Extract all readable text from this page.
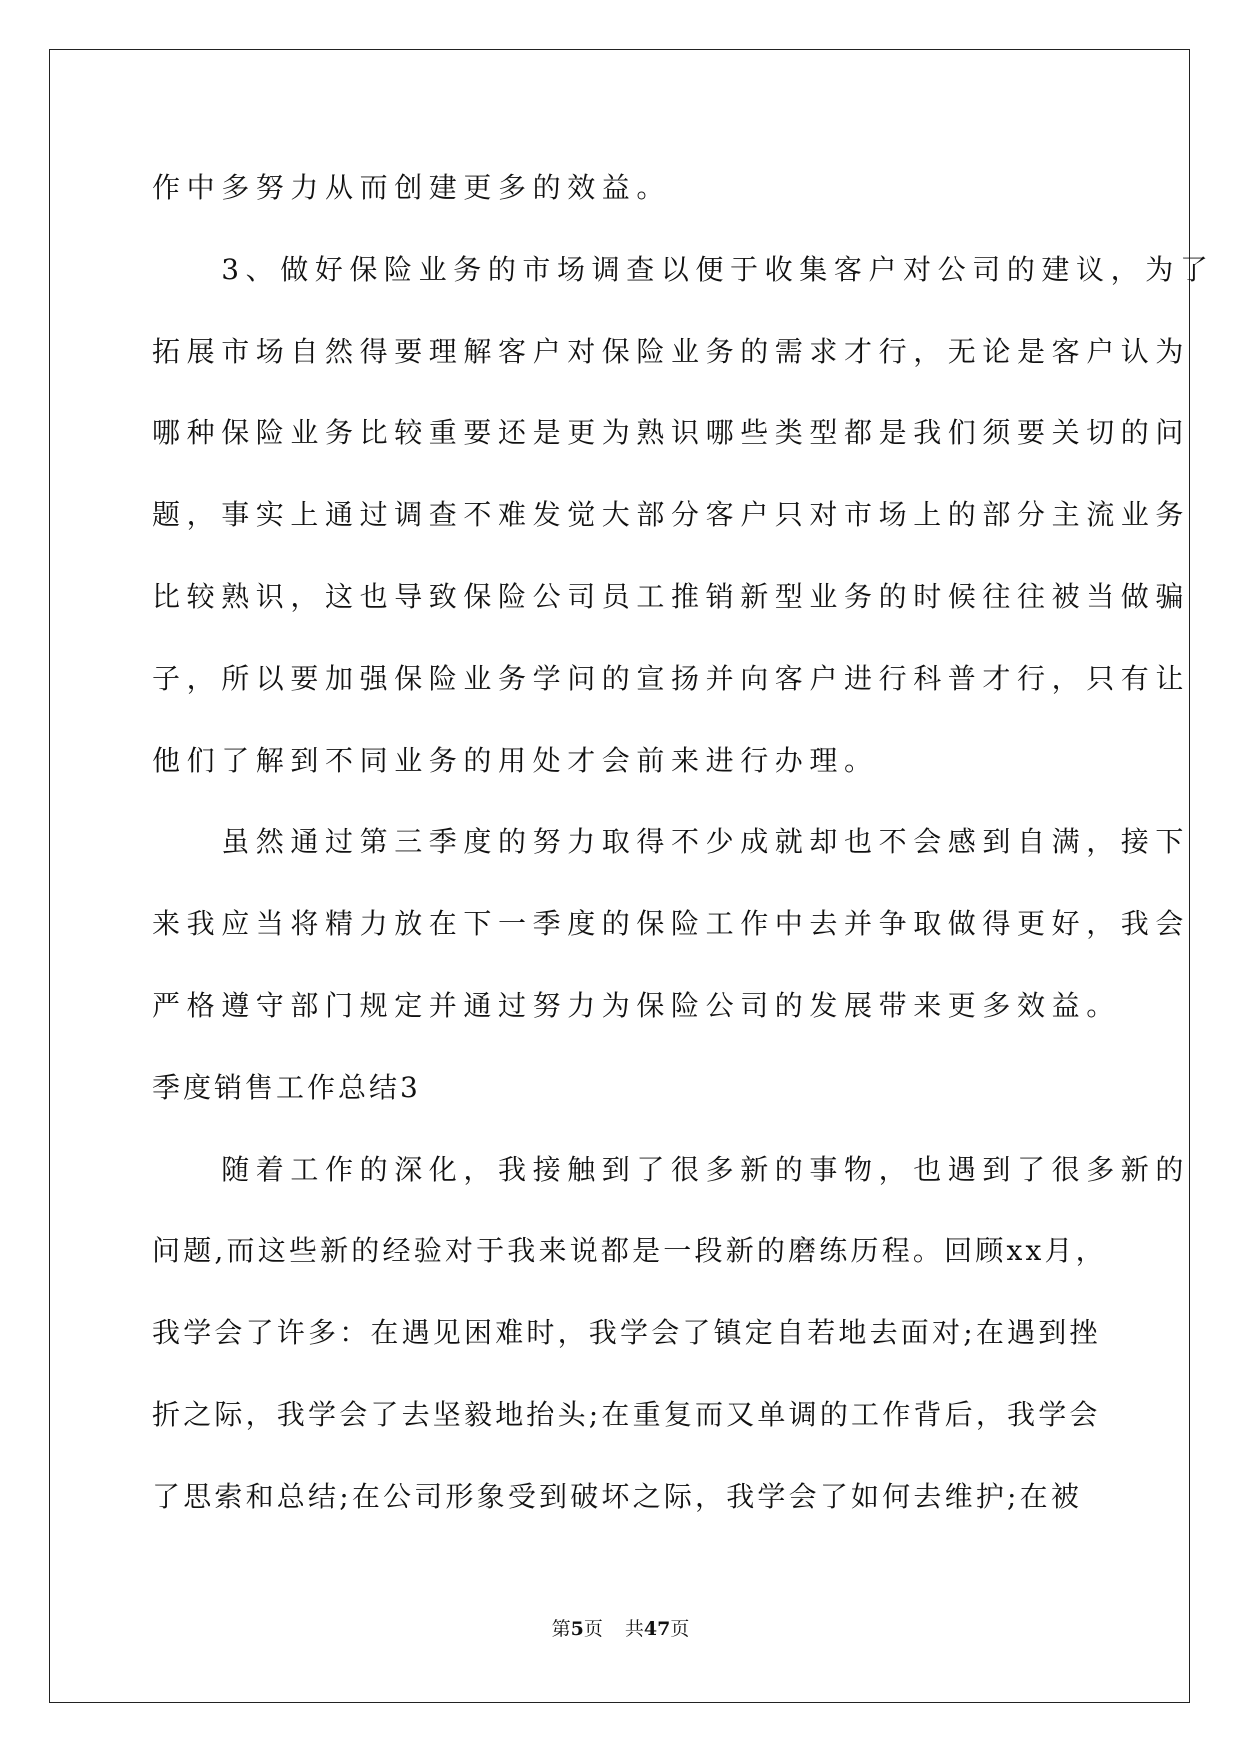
作中多努力从而创建更多的效益。
　　3、做好保险业务的市场调查以便于收集客户对公司的建议，为了
拓展市场自然得要理解客户对保险业务的需求才行，无论是客户认为
哪种保险业务比较重要还是更为熟识哪些类型都是我们须要关切的问
题，事实上通过调查不难发觉大部分客户只对市场上的部分主流业务
比较熟识，这也导致保险公司员工推销新型业务的时候往往被当做骗
子，所以要加强保险业务学问的宣扬并向客户进行科普才行，只有让
他们了解到不同业务的用处才会前来进行办理。
　　虽然通过第三季度的努力取得不少成就却也不会感到自满，接下
来我应当将精力放在下一季度的保险工作中去并争取做得更好，我会
严格遵守部门规定并通过努力为保险公司的发展带来更多效益。
季度销售工作总结3
　　随着工作的深化，我接触到了很多新的事物，也遇到了很多新的
问题,而这些新的经验对于我来说都是一段新的磨练历程。回顾xx月，
我学会了许多：在遇见困难时，我学会了镇定自若地去面对;在遇到挫
折之际，我学会了去坚毅地抬头;在重复而又单调的工作背后，我学会
了思索和总结;在公司形象受到破坏之际，我学会了如何去维护;在被
第5页 共47页
